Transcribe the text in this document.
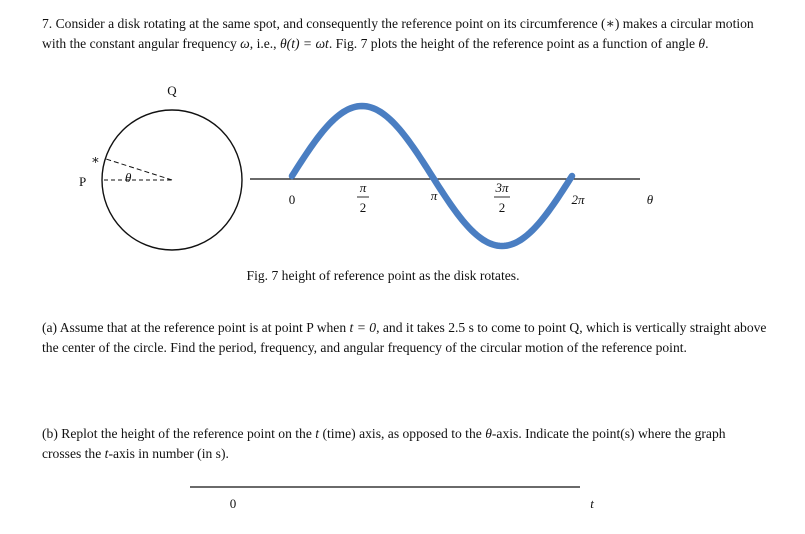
7. Consider a disk rotating at the same spot, and consequently the reference point on its circumference (∗) makes a circular motion with the constant angular frequency ω, i.e., θ(t) = ωt. Fig. 7 plots the height of the reference point as a function of angle θ.

Q
P
∗
θ
0
π
2
π
3π
2
2π	θ
Fig. 7 height of reference point as the disk rotates.
0	t

(a) Assume that at the reference point is at point P when t = 0, and it takes 2.5 s to come to point Q, which is vertically straight above the center of the circle. Find the period, frequency, and angular frequency of the circular motion of the reference point.

(b) Replot the height of the reference point on the t (time) axis, as opposed to the θ-axis. Indicate the point(s) where the graph crosses the t-axis in number (in s).
